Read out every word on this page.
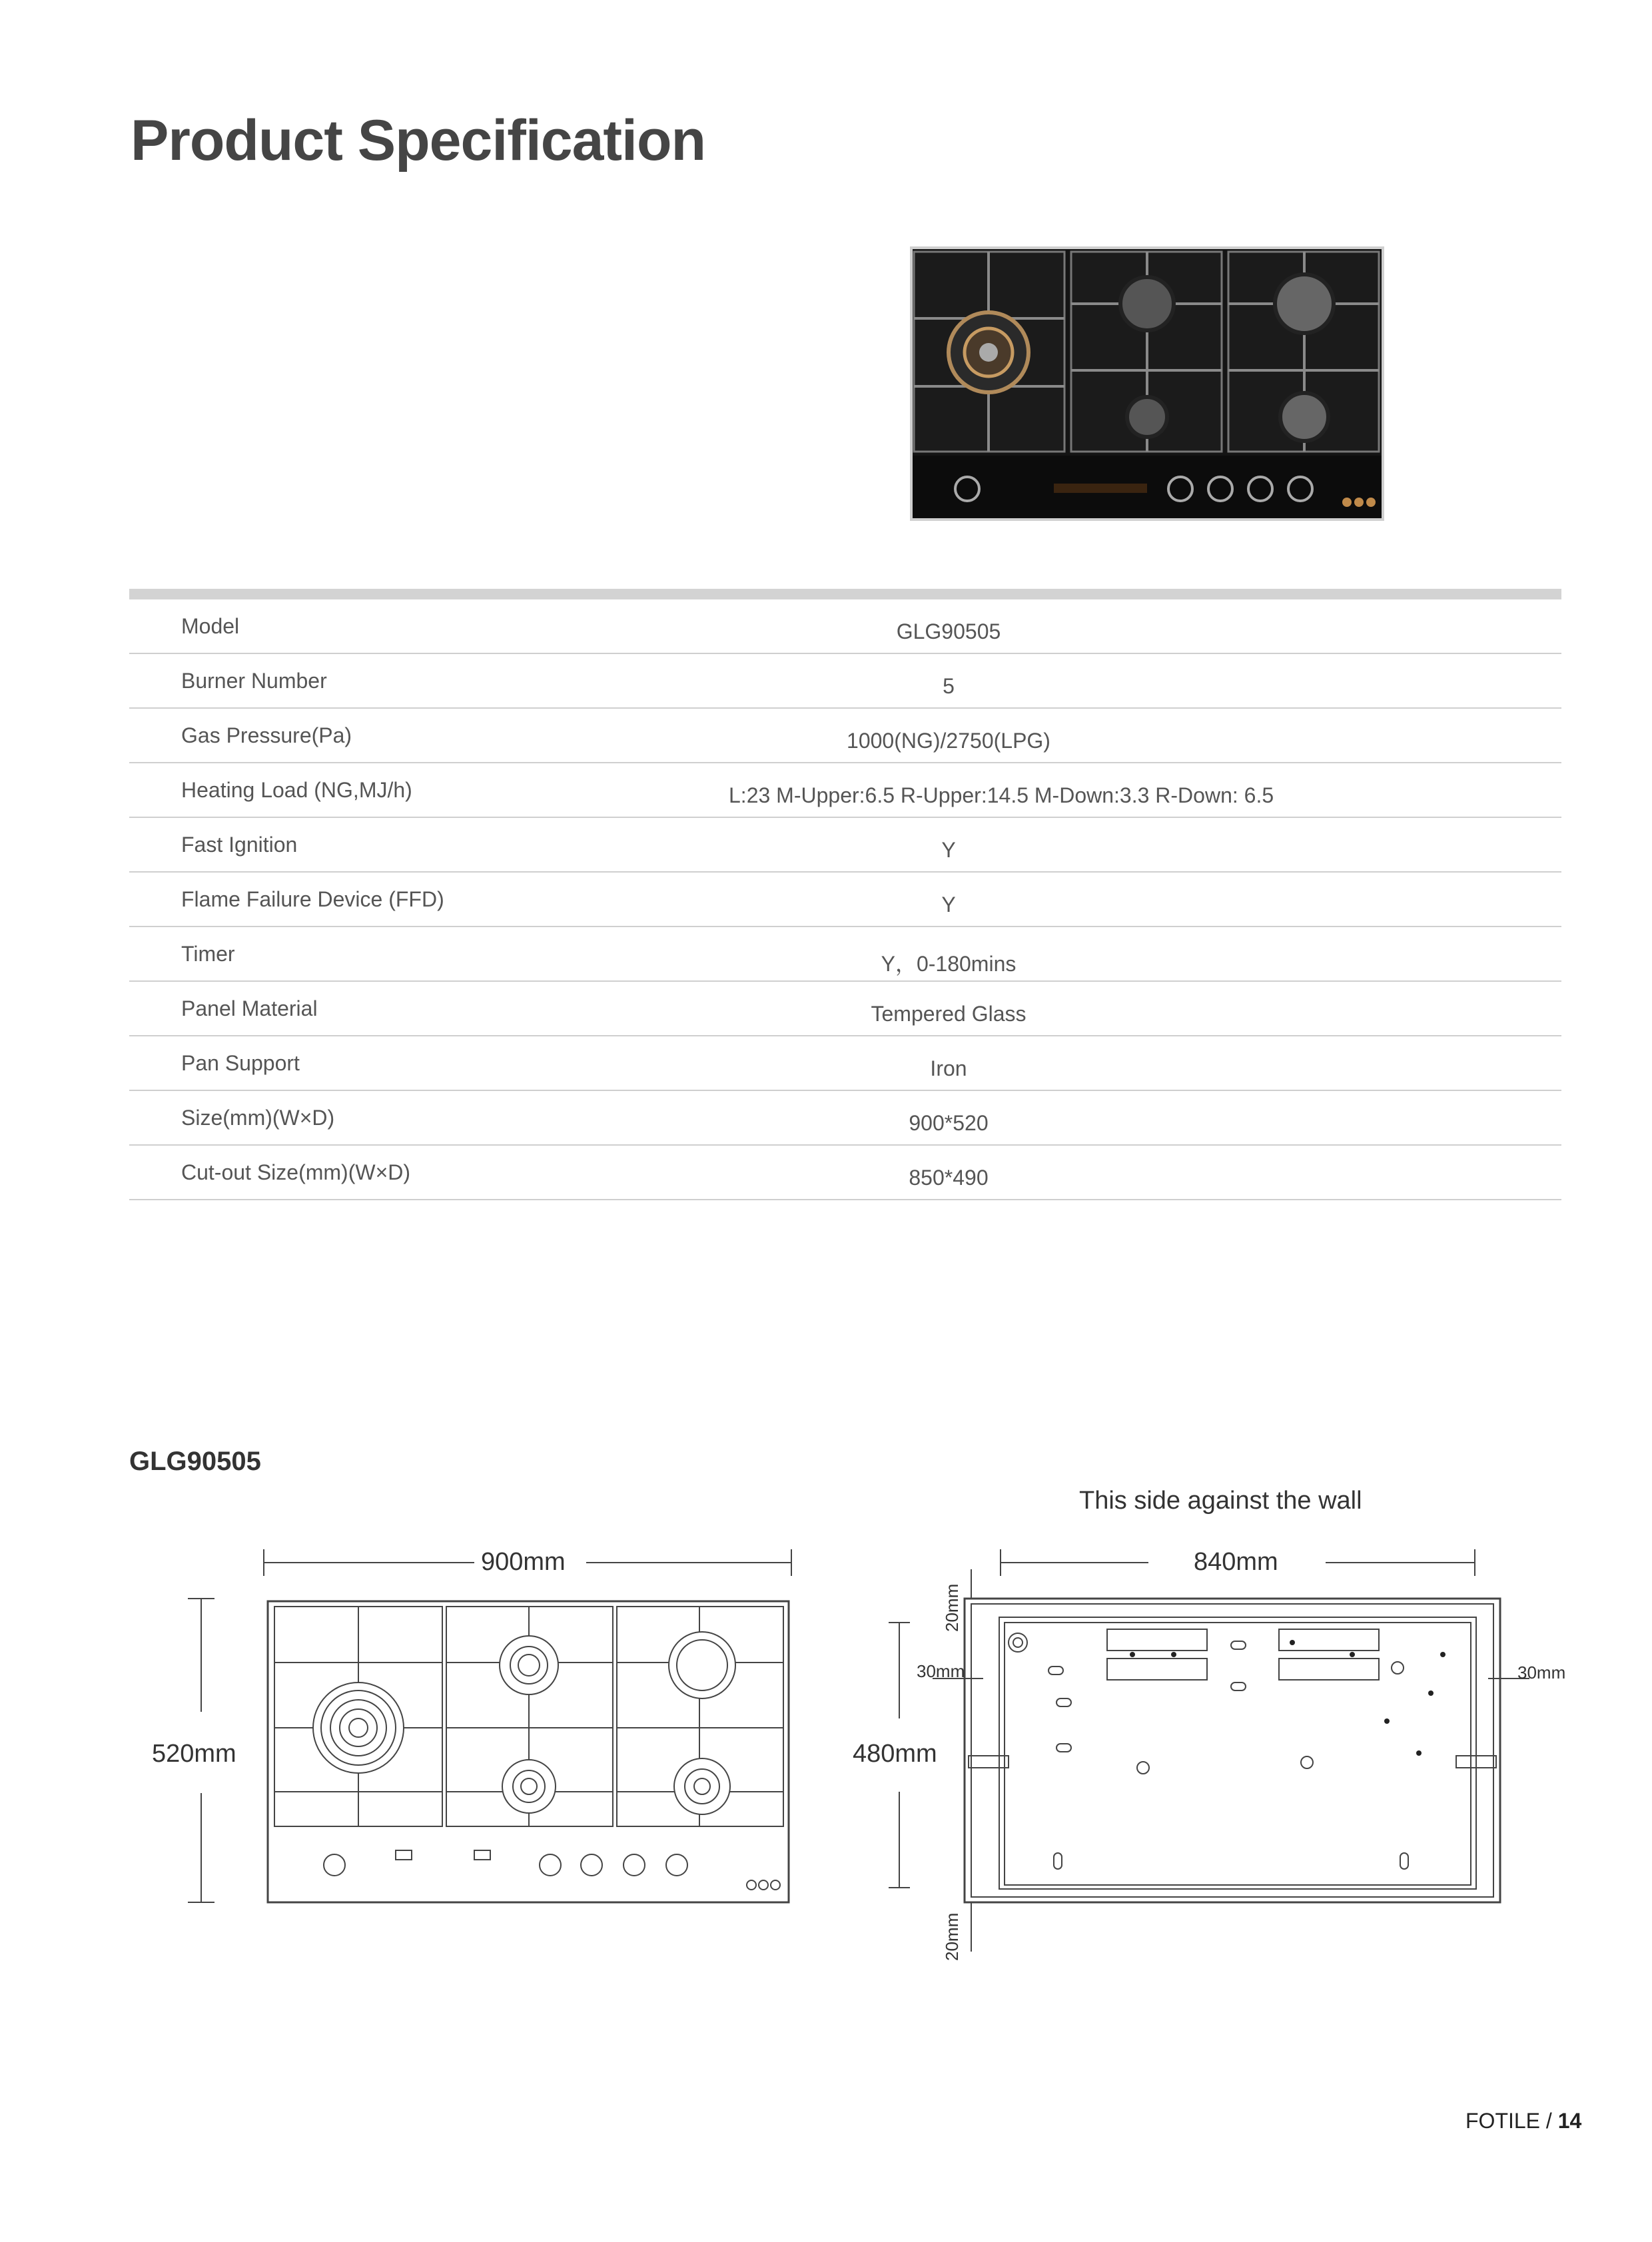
Product Specification
Model	GLG90505
Burner Number	5
Gas Pressure(Pa)	1000(NG)/2750(LPG)
Heating Load (NG,MJ/h)	L:23 M-Upper:6.5 R-Upper:14.5 M-Down:3.3 R-Down: 6.5
Fast Ignition	Y
Flame Failure Device (FFD)	Y
Timer	Y，0-180mins
Panel Material	Tempered Glass
Pan Support	Iron
Size(mm)(W×D)	900*520
Cut-out Size(mm)(W×D)	850*490
GLG90505
This side against the wall
900mm
520mm
840mm
480mm
20mm
20mm
30mm	30mm
FOTILE / 14
